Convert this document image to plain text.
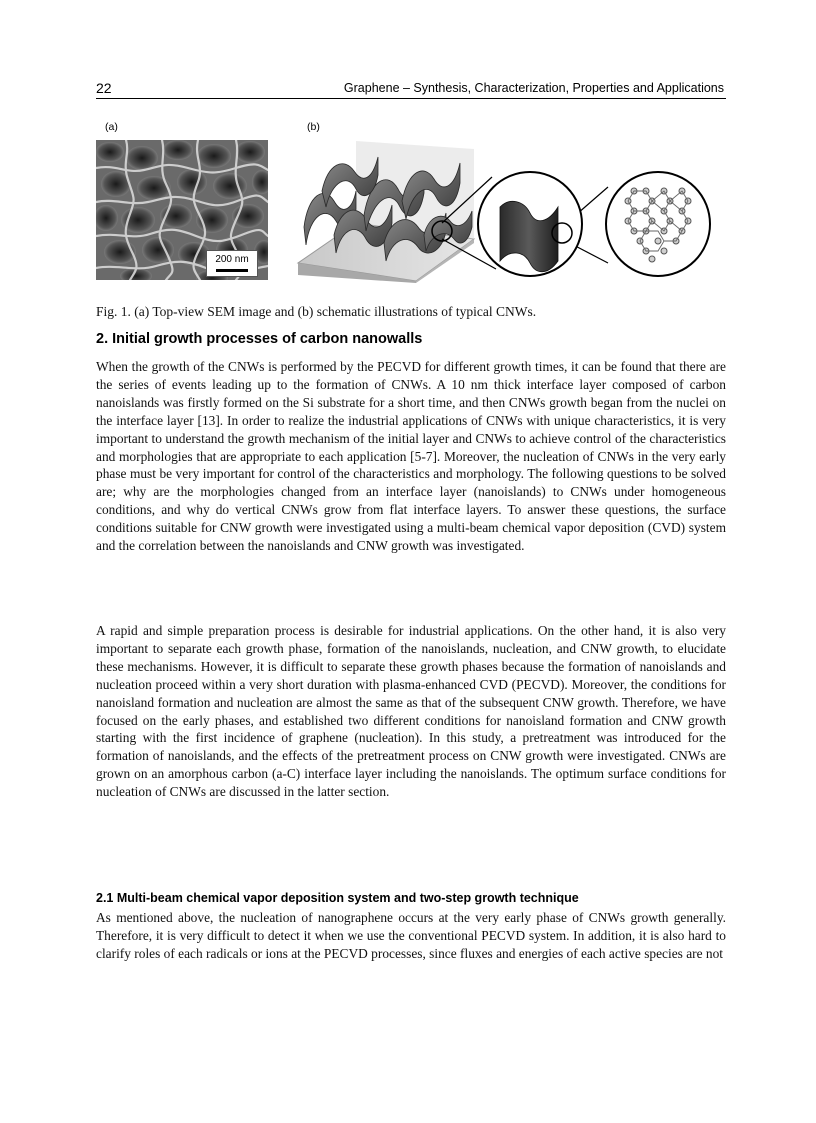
22	Graphene – Synthesis, Characterization, Properties and Applications
(a)	(b)
200 nm

Fig. 1. (a) Top-view SEM image and (b) schematic illustrations of typical CNWs.

2. Initial growth processes of carbon nanowalls

When the growth of the CNWs is performed by the PECVD for different growth times, it can be found that there are the series of events leading up to the formation of CNWs. A 10 nm thick interface layer composed of carbon nanoislands was firstly formed on the Si substrate for a short time, and then CNWs growth began from the nuclei on the interface layer [13]. In order to realize the industrial applications of CNWs with unique characteristics, it is very important to understand the growth mechanism of the initial layer and CNWs to achieve control of the characteristics and morphologies that are appropriate to each application [5-7]. Moreover, the nucleation of CNWs in the very early phase must be very important for control of the characteristics and morphology. The following questions to be solved are; why are the morphologies changed from an interface layer (nanoislands) to CNWs under homogeneous conditions, and why do vertical CNWs grow from flat interface layers. To answer these questions, the surface conditions suitable for CNW growth were investigated using a multi-beam chemical vapor deposition (CVD) system and the correlation between the nanoislands and CNW growth was investigated.

A rapid and simple preparation process is desirable for industrial applications. On the other hand, it is also very important to separate each growth phase, formation of the nanoislands, nucleation, and CNW growth, to elucidate these mechanisms. However, it is difficult to separate these growth phases because the formation of nanoislands and nucleation proceed within a very short duration with plasma-enhanced CVD (PECVD). Moreover, the conditions for nanoisland formation and nucleation are almost the same as that of the subsequent CNW growth. Therefore, we have focused on the early phases, and established two different conditions for nanoisland formation and CNW growth starting with the first incidence of graphene (nucleation). In this study, a pretreatment was introduced for the formation of nanoislands, and the effects of the pretreatment process on CNW growth were investigated. CNWs are grown on an amorphous carbon (a-C) interface layer including the nanoislands. The optimum surface conditions for nucleation of CNWs are discussed in the latter section.

2.1 Multi-beam chemical vapor deposition system and two-step growth technique

As mentioned above, the nucleation of nanographene occurs at the very early phase of CNWs growth generally. Therefore, it is very difficult to detect it when we use the conventional PECVD system. In addition, it is also hard to clarify roles of each radicals or ions at the PECVD processes, since fluxes and energies of each active species are not
